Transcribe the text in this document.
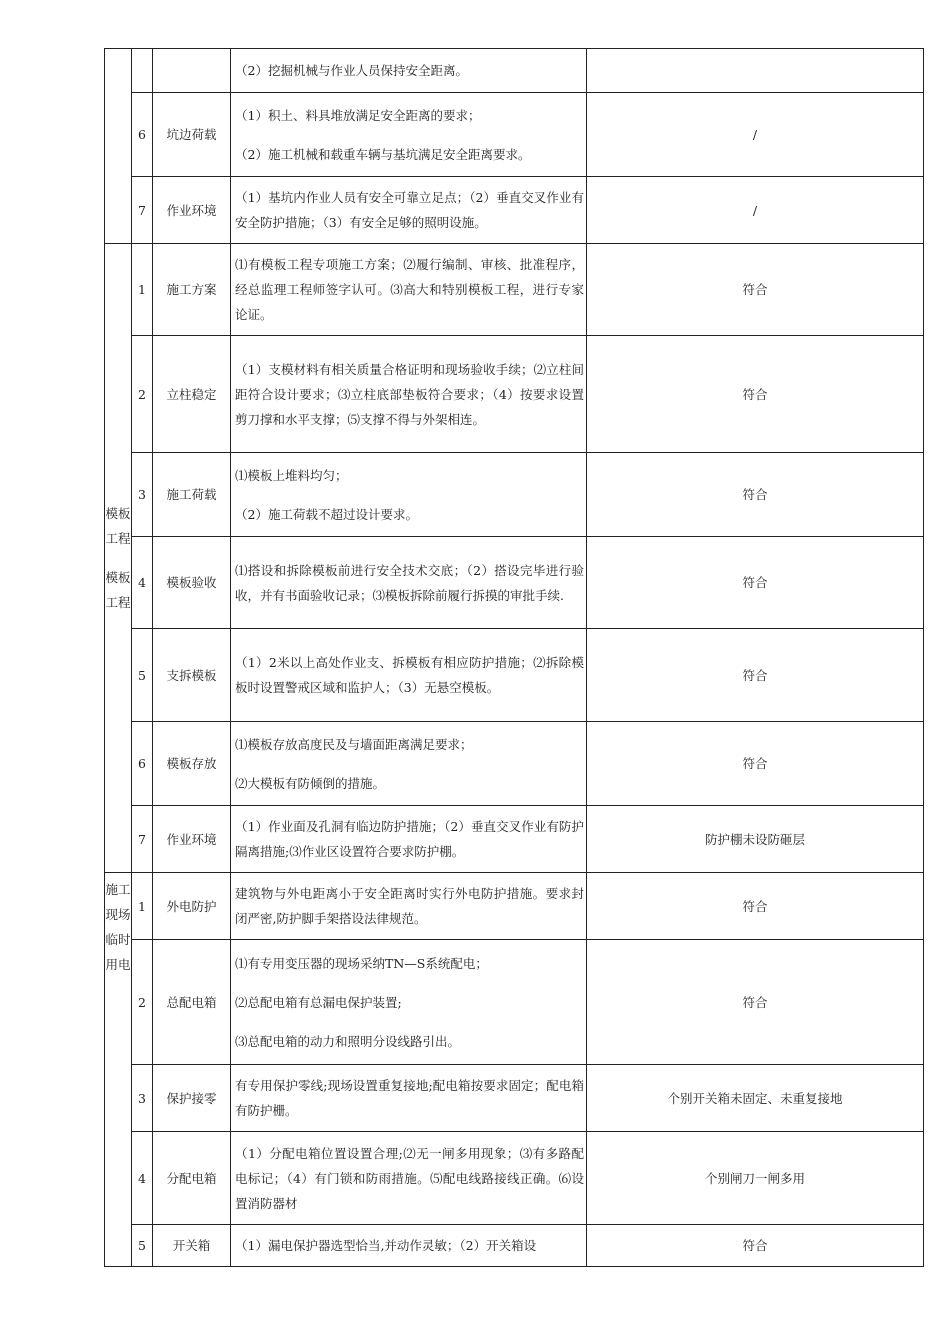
			（2）挖掘机械与作业人员保持安全距离。	

	6	坑边荷载	（1）积土、料具堆放满足安全距离的要求；

（2）施工机械和载重车辆与基坑满足安全距离要求。	/
	7	作业环境	（1）基坑内作业人员有安全可靠立足点；（2）垂直交叉作业有安全防护措施；（3）有安全足够的照明设施。	/

模板工程
模板工程	1	施工方案	⑴有模板工程专项施工方案；⑵履行编制、审核、批准程序，经总监理工程师签字认可。⑶高大和特别模板工程，进行专家论证。	符合
	2	立柱稳定	（1）支模材料有相关质量合格证明和现场验收手续；⑵立柱间距符合设计要求；⑶立柱底部垫板符合要求；（4）按要求设置剪刀撑和水平支撑；⑸支撑不得与外架相连。	符合
	3	施工荷载	⑴模板上堆料均匀；

（2）施工荷载不超过设计要求。	符合
	4	模板验收	⑴搭设和拆除模板前进行安全技术交底；（2）搭设完毕进行验收，并有书面验收记录；⑶模板拆除前履行拆摸的审批手续.	符合
	5	支拆模板	（1）2米以上高处作业支、拆模板有相应防护措施；⑵拆除模板时设置警戒区域和监护人；（3）无悬空模板。	符合
	6	模板存放	⑴模板存放高度民及与墙面距离满足要求；

⑵大模板有防倾倒的措施。	符合
	7	作业环境	（1）作业面及孔洞有临边防护措施；（2）垂直交叉作业有防护隔离措施;⑶作业区设置符合要求防护棚。	防护棚未设防砸层

施工现场临时用电	1	外电防护	建筑物与外电距离小于安全距离时实行外电防护措施。要求封闭严密,防护脚手架搭设法律规范。	符合
	2	总配电箱	⑴有专用变压器的现场采纳TN—S系统配电；

⑵总配电箱有总漏电保护装置;

⑶总配电箱的动力和照明分设线路引出。	符合
	3	保护接零	有专用保护零线;现场设置重复接地;配电箱按要求固定；配电箱有防护栅。	个别开关箱未固定、未重复接地
	4	分配电箱	（1）分配电箱位置设置合理;⑵无一闸多用现象；⑶有多路配电标记；（4）有门锁和防雨措施。⑸配电线路接线正确。⑹设置消防器材	个别闸刀一闸多用
	5	开关箱	（1）漏电保护器选型恰当,并动作灵敏；（2）开关箱设	符合
